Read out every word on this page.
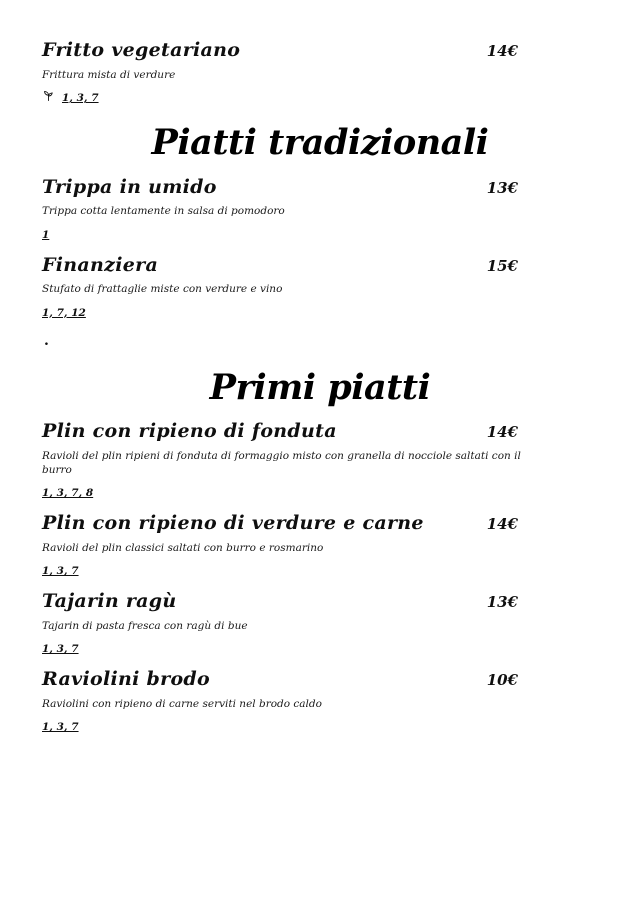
Fritto vegetariano	14€
Frittura mista di verdure
1, 3, 7
Piatti tradizionali
Trippa in umido	13€
Trippa cotta lentamente in salsa di pomodoro
1
Finanziera	15€
Stufato di frattaglie miste con verdure e vino
1, 7, 12
.
Primi piatti
Plin con ripieno di fonduta	14€
Ravioli del plin ripieni di fonduta di formaggio misto con granella di nocciole saltati con il burro
1, 3, 7, 8
Plin con ripieno di verdure e carne	14€
Ravioli del plin classici saltati con burro e rosmarino
1, 3, 7
Tajarin ragù	13€
Tajarin di pasta fresca con ragù di bue
1, 3, 7
Raviolini brodo	10€
Raviolini con ripieno di carne serviti nel brodo caldo
1, 3, 7
